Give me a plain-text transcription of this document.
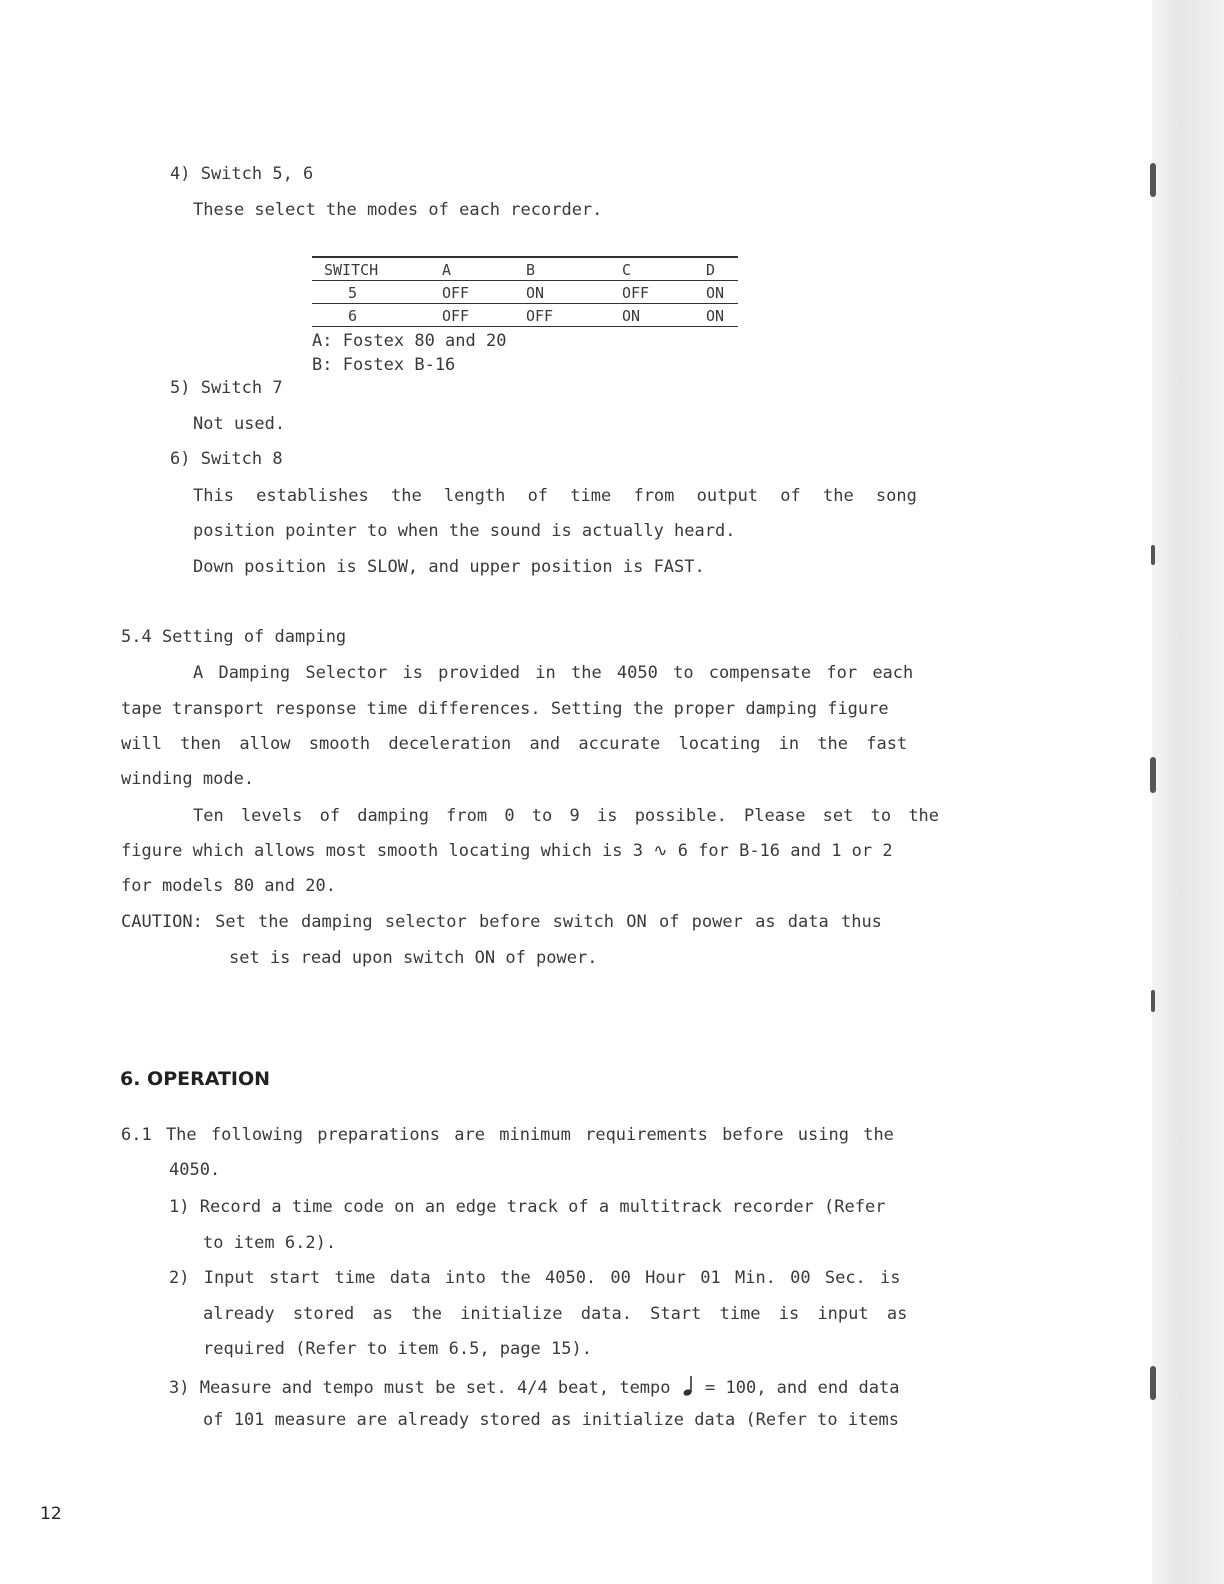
4) Switch 5, 6
These select the modes of each recorder.
SWITCH	A	B	C	D
5	OFF	ON	OFF	ON
6	OFF	OFF	ON	ON
A: Fostex 80 and 20
B: Fostex B-16
5) Switch 7
Not used.
6) Switch 8
This establishes the length of time from output of the song
position pointer to when the sound is actually heard.
Down position is SLOW, and upper position is FAST.
5.4 Setting of damping
A Damping Selector is provided in the 4050 to compensate for each
tape transport response time differences. Setting the proper damping figure
will then allow smooth deceleration and accurate locating in the fast
winding mode.
Ten levels of damping from 0 to 9 is possible. Please set to the
figure which allows most smooth locating which is 3 ∿ 6 for B-16 and 1 or 2
for models 80 and 20.
CAUTION: Set the damping selector before switch ON of power as data thus
set is read upon switch ON of power.
6. OPERATION
6.1 The following preparations are minimum requirements before using the
4050.
1) Record a time code on an edge track of a multitrack recorder (Refer
to item 6.2).
2) Input start time data into the 4050. 00 Hour 01 Min. 00 Sec. is
already stored as the initialize data. Start time is input as
required (Refer to item 6.5, page 15).
3) Measure and tempo must be set. 4/4 beat, tempo = 100, and end data
of 101 measure are already stored as initialize data (Refer to items
12
